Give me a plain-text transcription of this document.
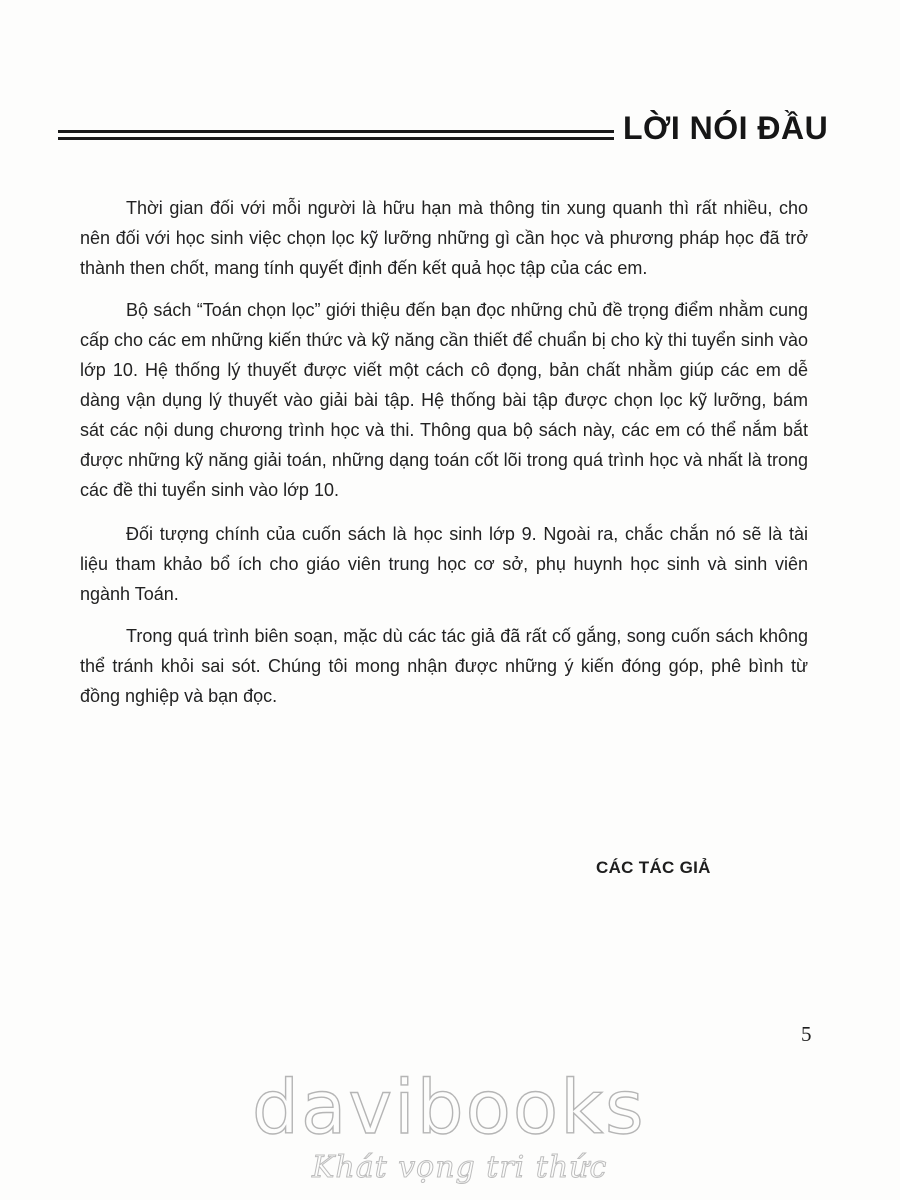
LỜI NÓI ĐẦU

Thời gian đối với mỗi người là hữu hạn mà thông tin xung quanh thì rất nhiều, cho nên đối với học sinh việc chọn lọc kỹ lưỡng những gì cần học và phương pháp học đã trở thành then chốt, mang tính quyết định đến kết quả học tập của các em.

Bộ sách “Toán chọn lọc” giới thiệu đến bạn đọc những chủ đề trọng điểm nhằm cung cấp cho các em những kiến thức và kỹ năng cần thiết để chuẩn bị cho kỳ thi tuyển sinh vào lớp 10. Hệ thống lý thuyết được viết một cách cô đọng, bản chất nhằm giúp các em dễ dàng vận dụng lý thuyết vào giải bài tập. Hệ thống bài tập được chọn lọc kỹ lưỡng, bám sát các nội dung chương trình học và thi. Thông qua bộ sách này, các em có thể nắm bắt được những kỹ năng giải toán, những dạng toán cốt lõi trong quá trình học và nhất là trong các đề thi tuyển sinh vào lớp 10.

Đối tượng chính của cuốn sách là học sinh lớp 9. Ngoài ra, chắc chắn nó sẽ là tài liệu tham khảo bổ ích cho giáo viên trung học cơ sở, phụ huynh học sinh và sinh viên ngành Toán.

Trong quá trình biên soạn, mặc dù các tác giả đã rất cố gắng, song cuốn sách không thể tránh khỏi sai sót. Chúng tôi mong nhận được những ý kiến đóng góp, phê bình từ đồng nghiệp và bạn đọc.

CÁC TÁC GIẢ

5

davibooks

Khát vọng tri thức
